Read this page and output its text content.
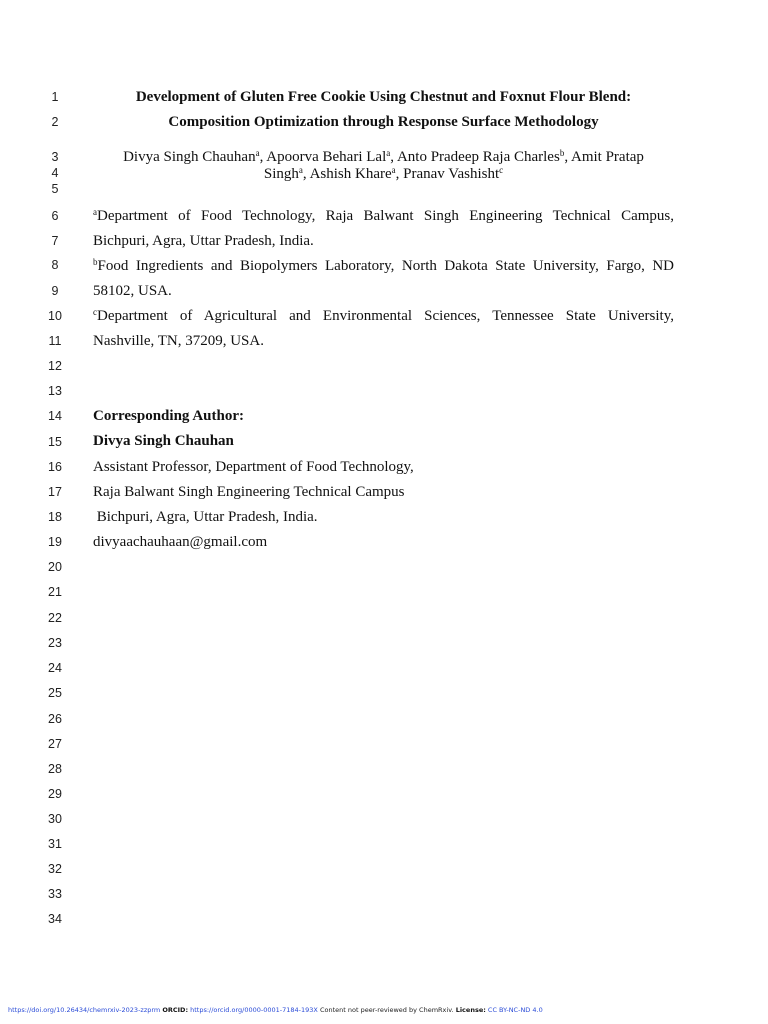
1
2
3
4
5
6
7
8
9
10
11
12
13
14
15
16
17
18
19
20
21
22
23
24
25
26
27
28
29
30
31
32
33
34
Development of Gluten Free Cookie Using Chestnut and Foxnut Flour Blend:
Composition Optimization through Response Surface Methodology
Divya Singh Chauhan$^a$, Apoorva Behari Lal$^a$, Anto Pradeep Raja Charles$^b$, Amit Pratap
Singh$^a$, Ashish Khare$^a$, Pranav Vashisht$^c$
$^a$Department of Food Technology, Raja Balwant Singh Engineering Technical Campus,
Bichpuri, Agra, Uttar Pradesh, India.
$^b$Food Ingredients and Biopolymers Laboratory, North Dakota State University, Fargo, ND
58102, USA.
$^c$Department of Agricultural and Environmental Sciences, Tennessee State University,
Nashville, TN, 37209, USA.
Corresponding Author:
Divya Singh Chauhan
Assistant Professor, Department of Food Technology,
Raja Balwant Singh Engineering Technical Campus
Bichpuri, Agra, Uttar Pradesh, India.
divyaachauhaan@gmail.com
https://doi.org/10.26434/chemrxiv-2023-zzprm ORCID: https://orcid.org/0000-0001-7184-193X Content not peer-reviewed by ChemRxiv. License: CC BY-NC-ND 4.0
